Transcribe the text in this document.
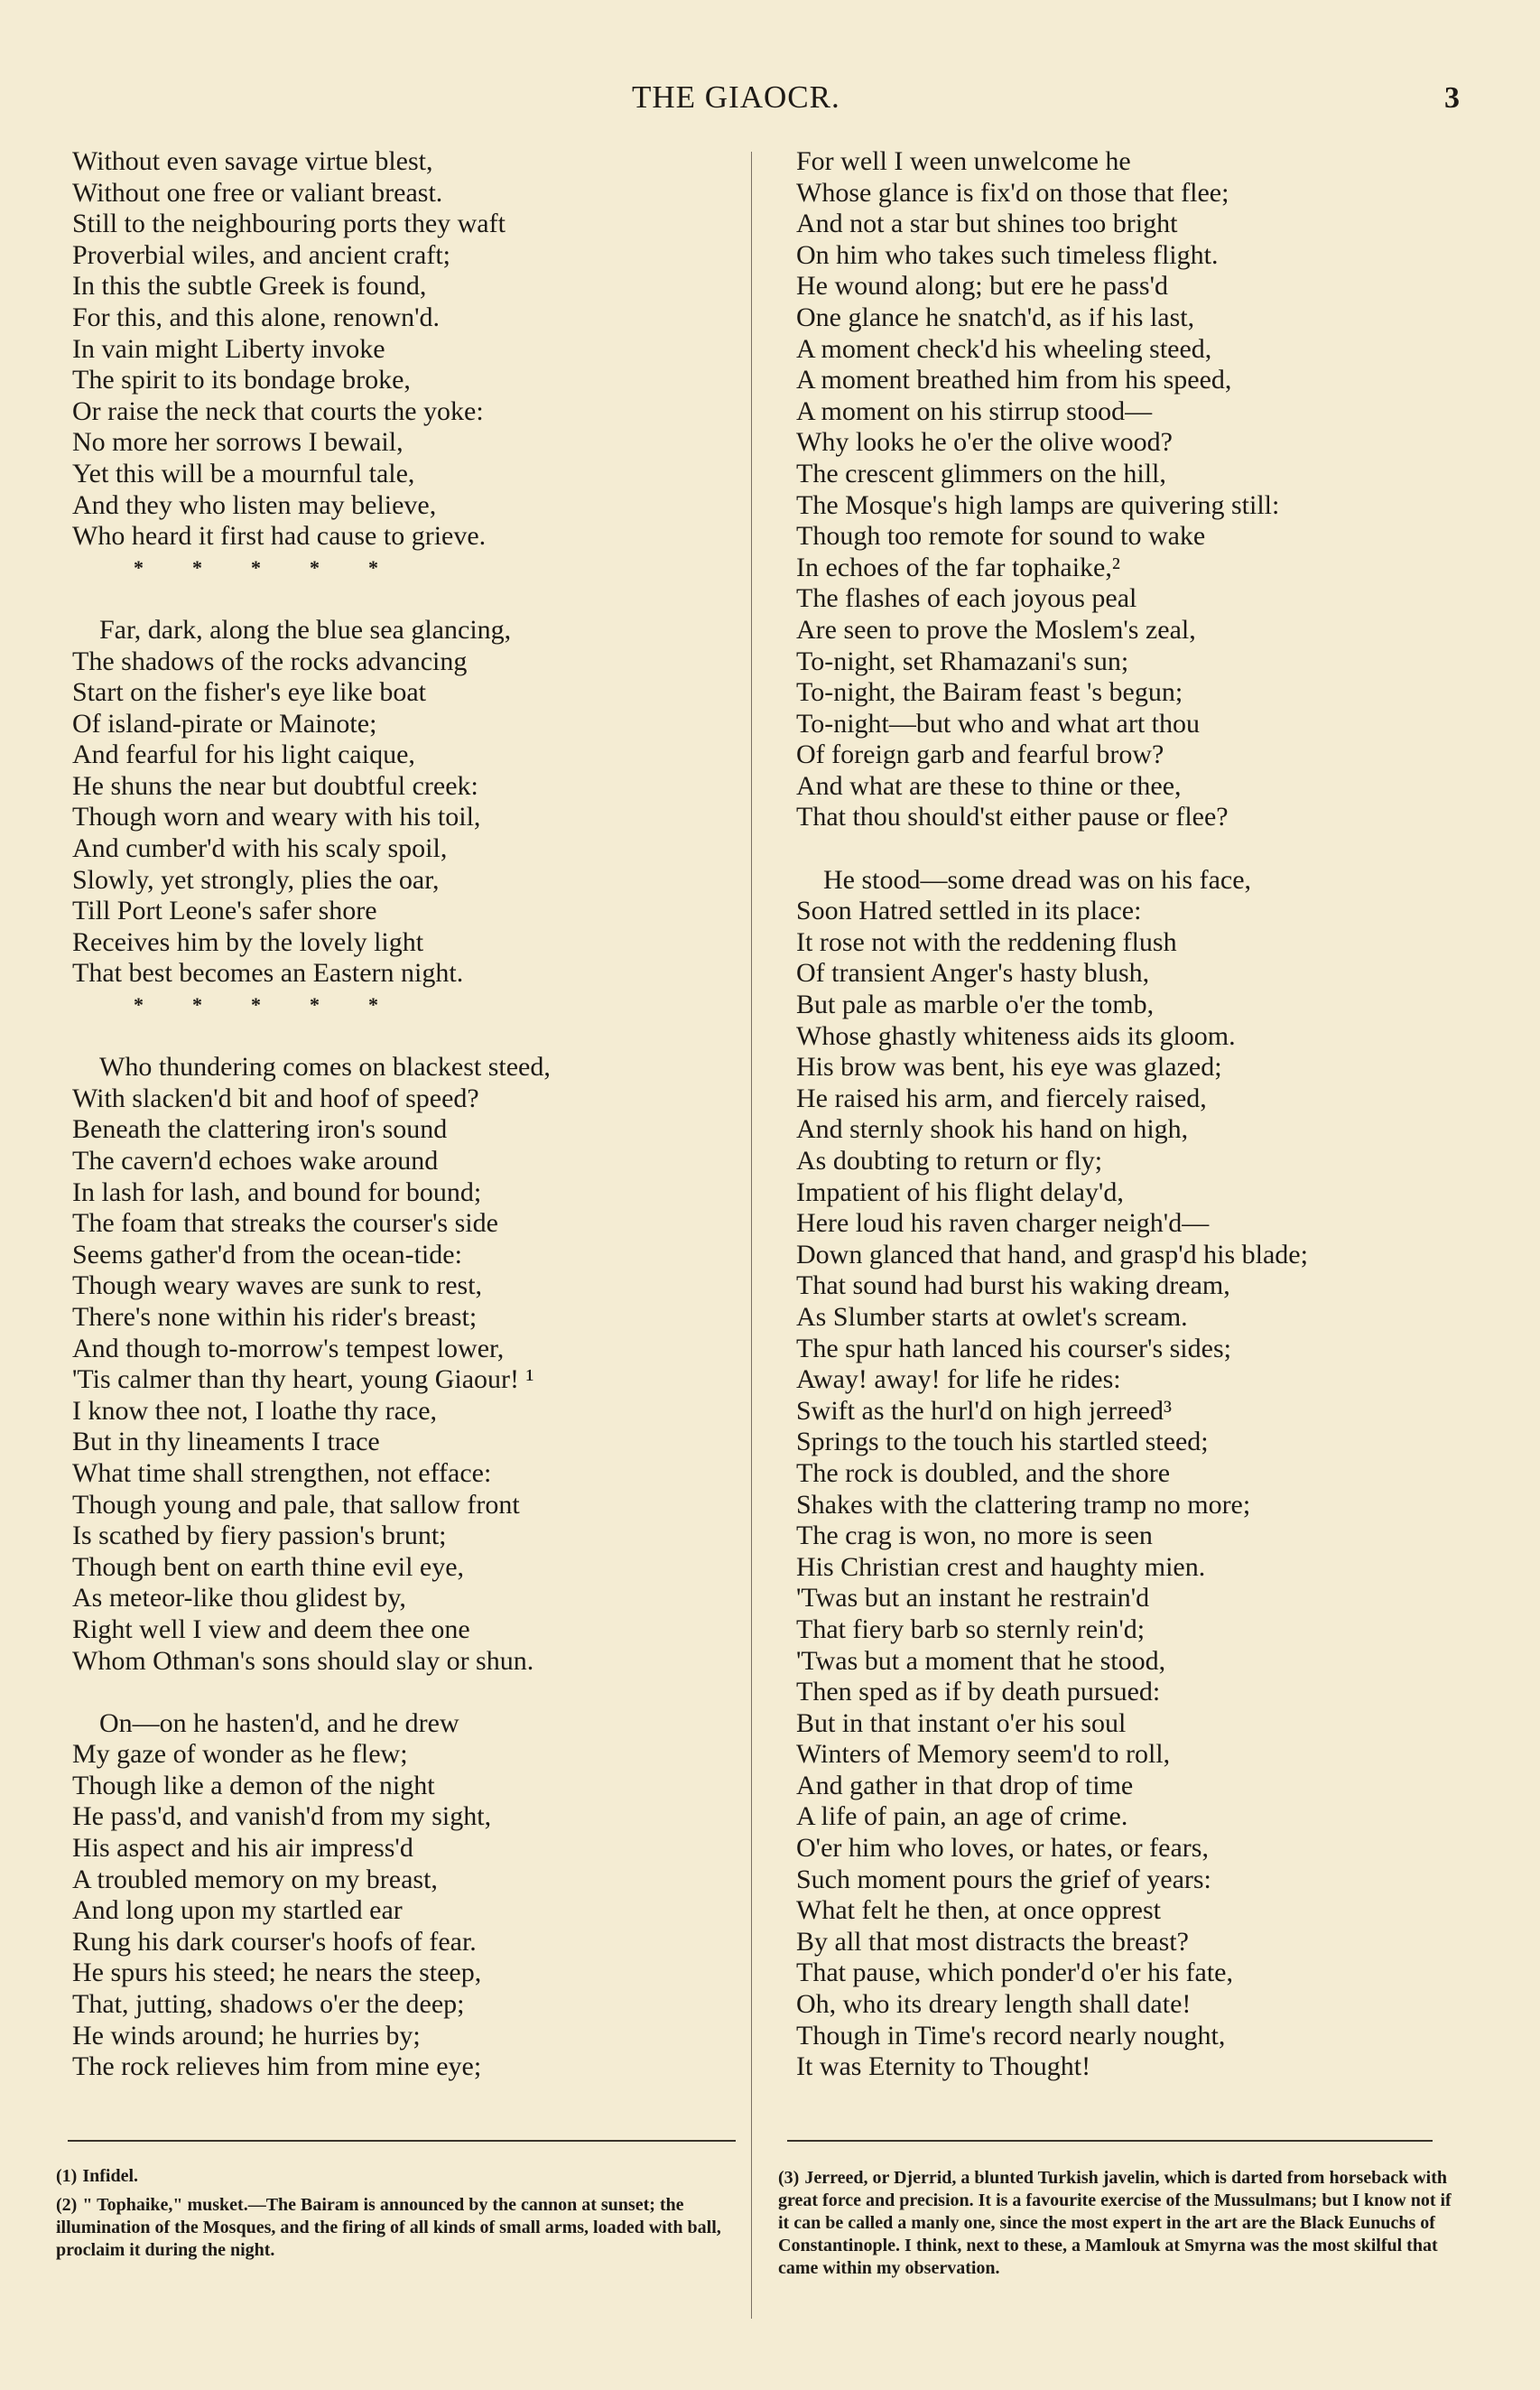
THE GIAOCR.	3
Without even savage virtue blest,
Without one free or valiant breast.
Still to the neighbouring ports they waft
Proverbial wiles, and ancient craft;
In this the subtle Greek is found,
For this, and this alone, renown'd.
In vain might Liberty invoke
The spirit to its bondage broke,
Or raise the neck that courts the yoke:
No more her sorrows I bewail,
Yet this will be a mournful tale,
And they who listen may believe,
Who heard it first had cause to grieve.
* * * * *
Far, dark, along the blue sea glancing,
The shadows of the rocks advancing
Start on the fisher's eye like boat
Of island-pirate or Mainote;
And fearful for his light caique,
He shuns the near but doubtful creek:
Though worn and weary with his toil,
And cumber'd with his scaly spoil,
Slowly, yet strongly, plies the oar,
Till Port Leone's safer shore
Receives him by the lovely light
That best becomes an Eastern night.
* * * * *
Who thundering comes on blackest steed,
With slacken'd bit and hoof of speed?
Beneath the clattering iron's sound
The cavern'd echoes wake around
In lash for lash, and bound for bound;
The foam that streaks the courser's side
Seems gather'd from the ocean-tide:
Though weary waves are sunk to rest,
There's none within his rider's breast;
And though to-morrow's tempest lower,
'Tis calmer than thy heart, young Giaour! ¹
I know thee not, I loathe thy race,
But in thy lineaments I trace
What time shall strengthen, not efface:
Though young and pale, that sallow front
Is scathed by fiery passion's brunt;
Though bent on earth thine evil eye,
As meteor-like thou glidest by,
Right well I view and deem thee one
Whom Othman's sons should slay or shun.
On—on he hasten'd, and he drew
My gaze of wonder as he flew;
Though like a demon of the night
He pass'd, and vanish'd from my sight,
His aspect and his air impress'd
A troubled memory on my breast,
And long upon my startled ear
Rung his dark courser's hoofs of fear.
He spurs his steed; he nears the steep,
That, jutting, shadows o'er the deep;
He winds around; he hurries by;
The rock relieves him from mine eye;
For well I ween unwelcome he
Whose glance is fix'd on those that flee;
And not a star but shines too bright
On him who takes such timeless flight.
He wound along; but ere he pass'd
One glance he snatch'd, as if his last,
A moment check'd his wheeling steed,
A moment breathed him from his speed,
A moment on his stirrup stood—
Why looks he o'er the olive wood?
The crescent glimmers on the hill,
The Mosque's high lamps are quivering still:
Though too remote for sound to wake
In echoes of the far tophaike,²
The flashes of each joyous peal
Are seen to prove the Moslem's zeal,
To-night, set Rhamazani's sun;
To-night, the Bairam feast 's begun;
To-night—but who and what art thou
Of foreign garb and fearful brow?
And what are these to thine or thee,
That thou should'st either pause or flee?
He stood—some dread was on his face,
Soon Hatred settled in its place:
It rose not with the reddening flush
Of transient Anger's hasty blush,
But pale as marble o'er the tomb,
Whose ghastly whiteness aids its gloom.
His brow was bent, his eye was glazed;
He raised his arm, and fiercely raised,
And sternly shook his hand on high,
As doubting to return or fly;
Impatient of his flight delay'd,
Here loud his raven charger neigh'd—
Down glanced that hand, and grasp'd his blade;
That sound had burst his waking dream,
As Slumber starts at owlet's scream.
The spur hath lanced his courser's sides;
Away! away! for life he rides:
Swift as the hurl'd on high jerreed³
Springs to the touch his startled steed;
The rock is doubled, and the shore
Shakes with the clattering tramp no more;
The crag is won, no more is seen
His Christian crest and haughty mien.
'Twas but an instant he restrain'd
That fiery barb so sternly rein'd;
'Twas but a moment that he stood,
Then sped as if by death pursued:
But in that instant o'er his soul
Winters of Memory seem'd to roll,
And gather in that drop of time
A life of pain, an age of crime.
O'er him who loves, or hates, or fears,
Such moment pours the grief of years:
What felt he then, at once opprest
By all that most distracts the breast?
That pause, which ponder'd o'er his fate,
Oh, who its dreary length shall date!
Though in Time's record nearly nought,
It was Eternity to Thought!
(1) Infidel.
(2) " Tophaike," musket.—The Bairam is announced by the cannon at sunset; the illumination of the Mosques, and the firing of all kinds of small arms, loaded with ball, proclaim it during the night.
(3) Jerreed, or Djerrid, a blunted Turkish javelin, which is darted from horseback with great force and precision. It is a favourite exercise of the Mussulmans; but I know not if it can be called a manly one, since the most expert in the art are the Black Eunuchs of Constantinople. I think, next to these, a Mamlouk at Smyrna was the most skilful that came within my observation.
